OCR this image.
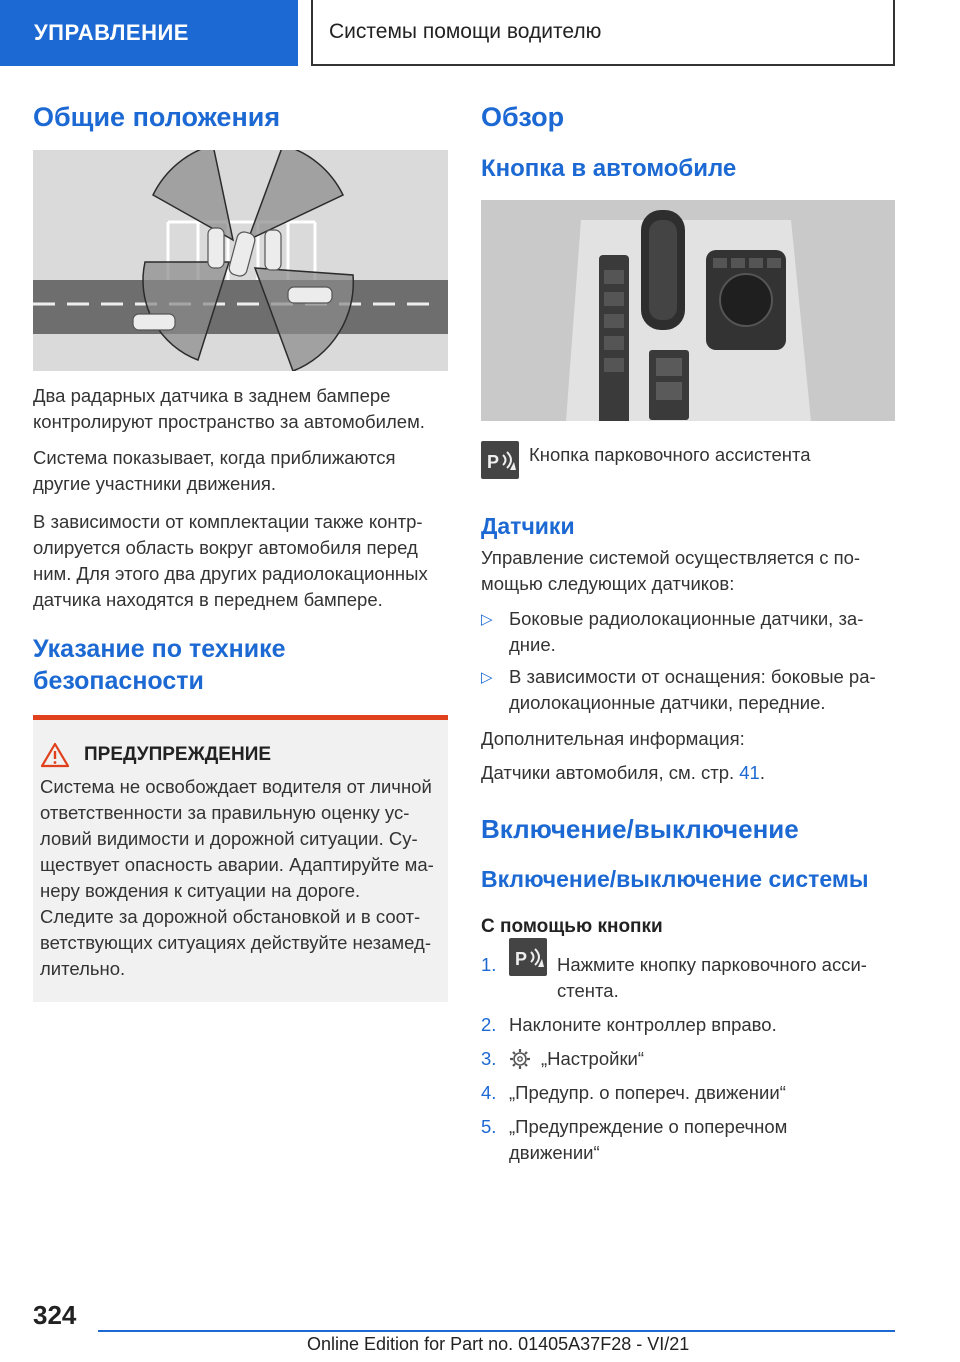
УПРАВЛЕНИЕ	Системы помощи водителю
Общие положения

Два радарных датчика в заднем бампере контролируют пространство за автомобилем.

Система показывает, когда приближаются другие участники движения.

В зависимости от комплектации также контр-олируется область вокруг автомобиля перед ним. Для этого два других радиолокационных датчика находятся в переднем бампере.

Указание по технике безопасности
ПРЕДУПРЕЖДЕНИЕ

Система не освобождает водителя от личной ответственности за правильную оценку ус-ловий видимости и дорожной ситуации. Су-ществует опасность аварии. Адаптируйте ма-неру вождения к ситуации на дороге. Следите за дорожной обстановкой и в соот-ветствующих ситуациях действуйте незамед-лительно.

Обзор
Кнопка в автомобиле
P Кнопка парковочного ассистента

Датчики

Управление системой осуществляется с по-мощью следующих датчиков:

▷ Боковые радиолокационные датчики, за-дние.
▷ В зависимости от оснащения: боковые ра-диолокационные датчики, передние.

Дополнительная информация:

Датчики автомобиля, см. стр. 41.

Включение/выключение
Включение/выключение системы
С помощью кнопки
1.	P Нажмите кнопку парковочного асси-стента.
2. Наклоните контроллер вправо.
3.	„Настройки“
4. „Предупр. о попереч. движении“
5. „Предупреждение о поперечном движении“
324
Online Edition for Part no. 01405A37F28 - VI/21
